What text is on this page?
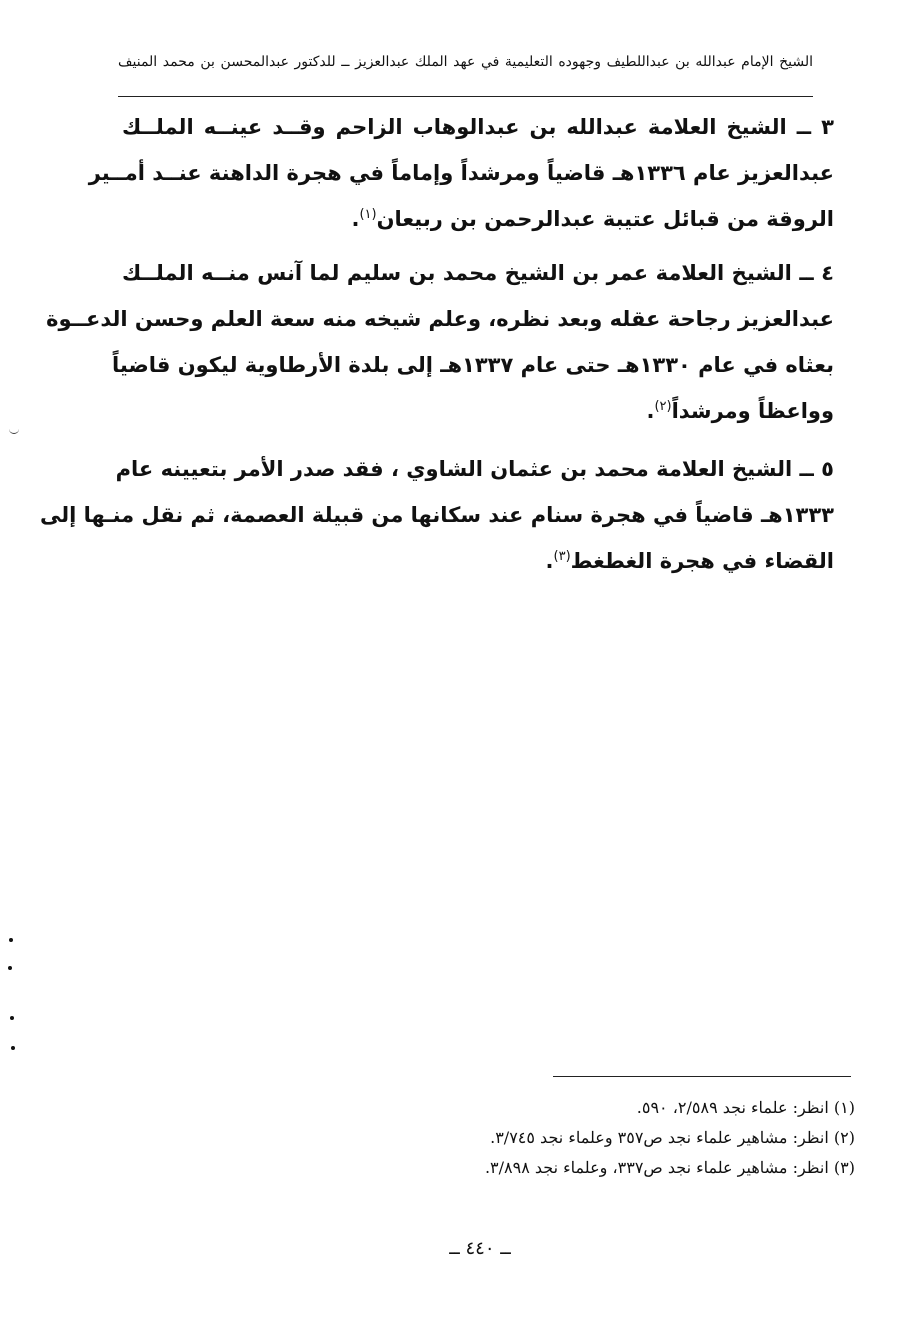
الشيخ الإمام عبدالله بن عبداللطيف وجهوده التعليمية في عهد الملك عبدالعزيز ــ للدكتور عبدالمحسن بن محمد المنيف
٣ ــ الشيخ العلامة عبدالله بن عبدالوهاب الزاحم وقــد عينــه الملــك
عبدالعزيز عام ١٣٣٦هـ قاضياً ومرشداً وإماماً في هجرة الداهنة عنــد أمــير
الروقة من قبائل عتيبة عبدالرحمن بن ربيعان$^{(١)}$.
٤ ــ الشيخ العلامة عمر بن الشيخ محمد بن سليم لما آنس منــه الملــك
عبدالعزيز رجاحة عقله وبعد نظره، وعلم شيخه منه سعة العلم وحسن الدعــوة
بعثاه في عام ١٣٣٠هـ حتى عام ١٣٣٧هـ إلى بلدة الأرطاوية ليكون قاضياً
وواعظاً ومرشداً$^{(٢)}$.
٥ ــ الشيخ العلامة محمد بن عثمان الشاوي ، فقد صدر الأمر بتعيينه عام
١٣٣٣هـ قاضياً في هجرة سنام عند سكانها من قبيلة العصمة، ثم نقل منـها إلى
القضاء في هجرة الغطغط$^{(٣)}$.
(١) انظر: علماء نجد ٢/٥٨٩، ٥٩٠.
(٢) انظر: مشاهير علماء نجد ص٣٥٧ وعلماء نجد ٣/٧٤٥.
(٣) انظر: مشاهير علماء نجد ص٣٣٧، وعلماء نجد ٣/٨٩٨.
ــ ٤٤٠ ــ
